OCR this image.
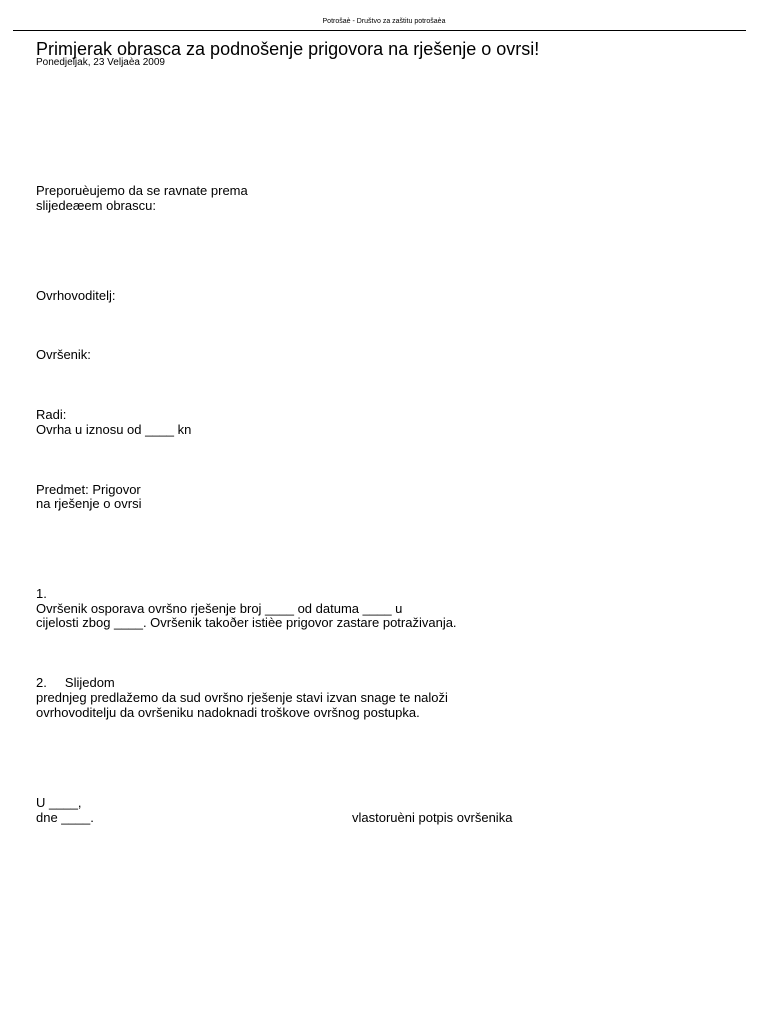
Potrošaè - Društvo za zaštitu potrošaèa
Primjerak obrasca za podnošenje prigovora na rješenje o ovrsi!
Ponedjeljak, 23 Veljaèa 2009
Preporuèujemo da se ravnate prema
slijedeæem obrascu:
Ovrhovoditelj:
Ovršenik:
Radi:
Ovrha u iznosu od ____ kn
Predmet: Prigovor
na rješenje o ovrsi
1.
Ovršenik osporava ovršno rješenje broj ____ od datuma ____ u
cijelosti zbog ____. Ovršenik takoðer istièe prigovor zastare potraživanja.
2.     Slijedom
prednjeg predlažemo da sud ovršno rješenje stavi izvan snage te naloži
ovrhovoditelju da ovršeniku nadoknadi troškove ovršnog postupka.
U ____,
dne ____.	vlastoruèni potpis ovršenika
